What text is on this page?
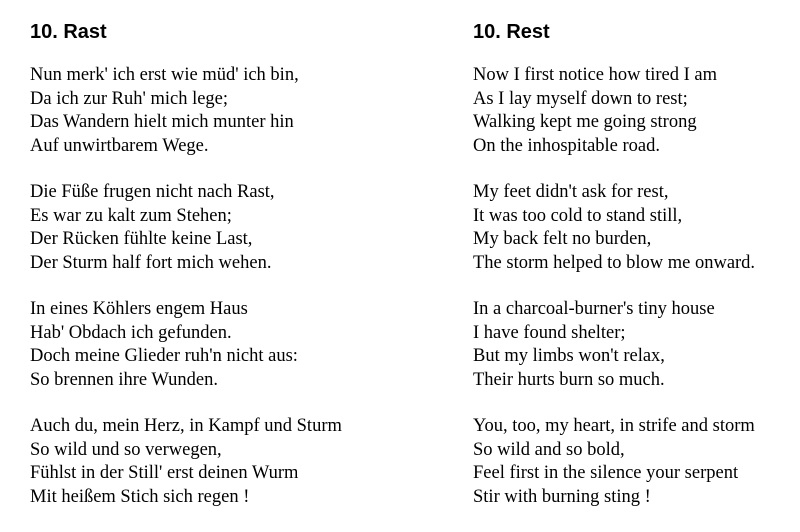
10. Rast
Nun merk' ich erst wie müd' ich bin,
Da ich zur Ruh' mich lege;
Das Wandern hielt mich munter hin
Auf unwirtbarem Wege.
Die Füße frugen nicht nach Rast,
Es war zu kalt zum Stehen;
Der Rücken fühlte keine Last,
Der Sturm half fort mich wehen.
In eines Köhlers engem Haus
Hab' Obdach ich gefunden.
Doch meine Glieder ruh'n nicht aus:
So brennen ihre Wunden.
Auch du, mein Herz, in Kampf und Sturm
So wild und so verwegen,
Fühlst in der Still' erst deinen Wurm
Mit heißem Stich sich regen !
10. Rest
Now I first notice how tired I am
As I lay myself down to rest;
Walking kept me going strong
On the inhospitable road.
My feet didn't ask for rest,
It was too cold to stand still,
My back felt no burden,
The storm helped to blow me onward.
In a charcoal-burner's tiny house
I have found shelter;
But my limbs won't relax,
Their hurts burn so much.
You, too, my heart, in strife and storm
So wild and so bold,
Feel first in the silence your serpent
Stir with burning sting !
